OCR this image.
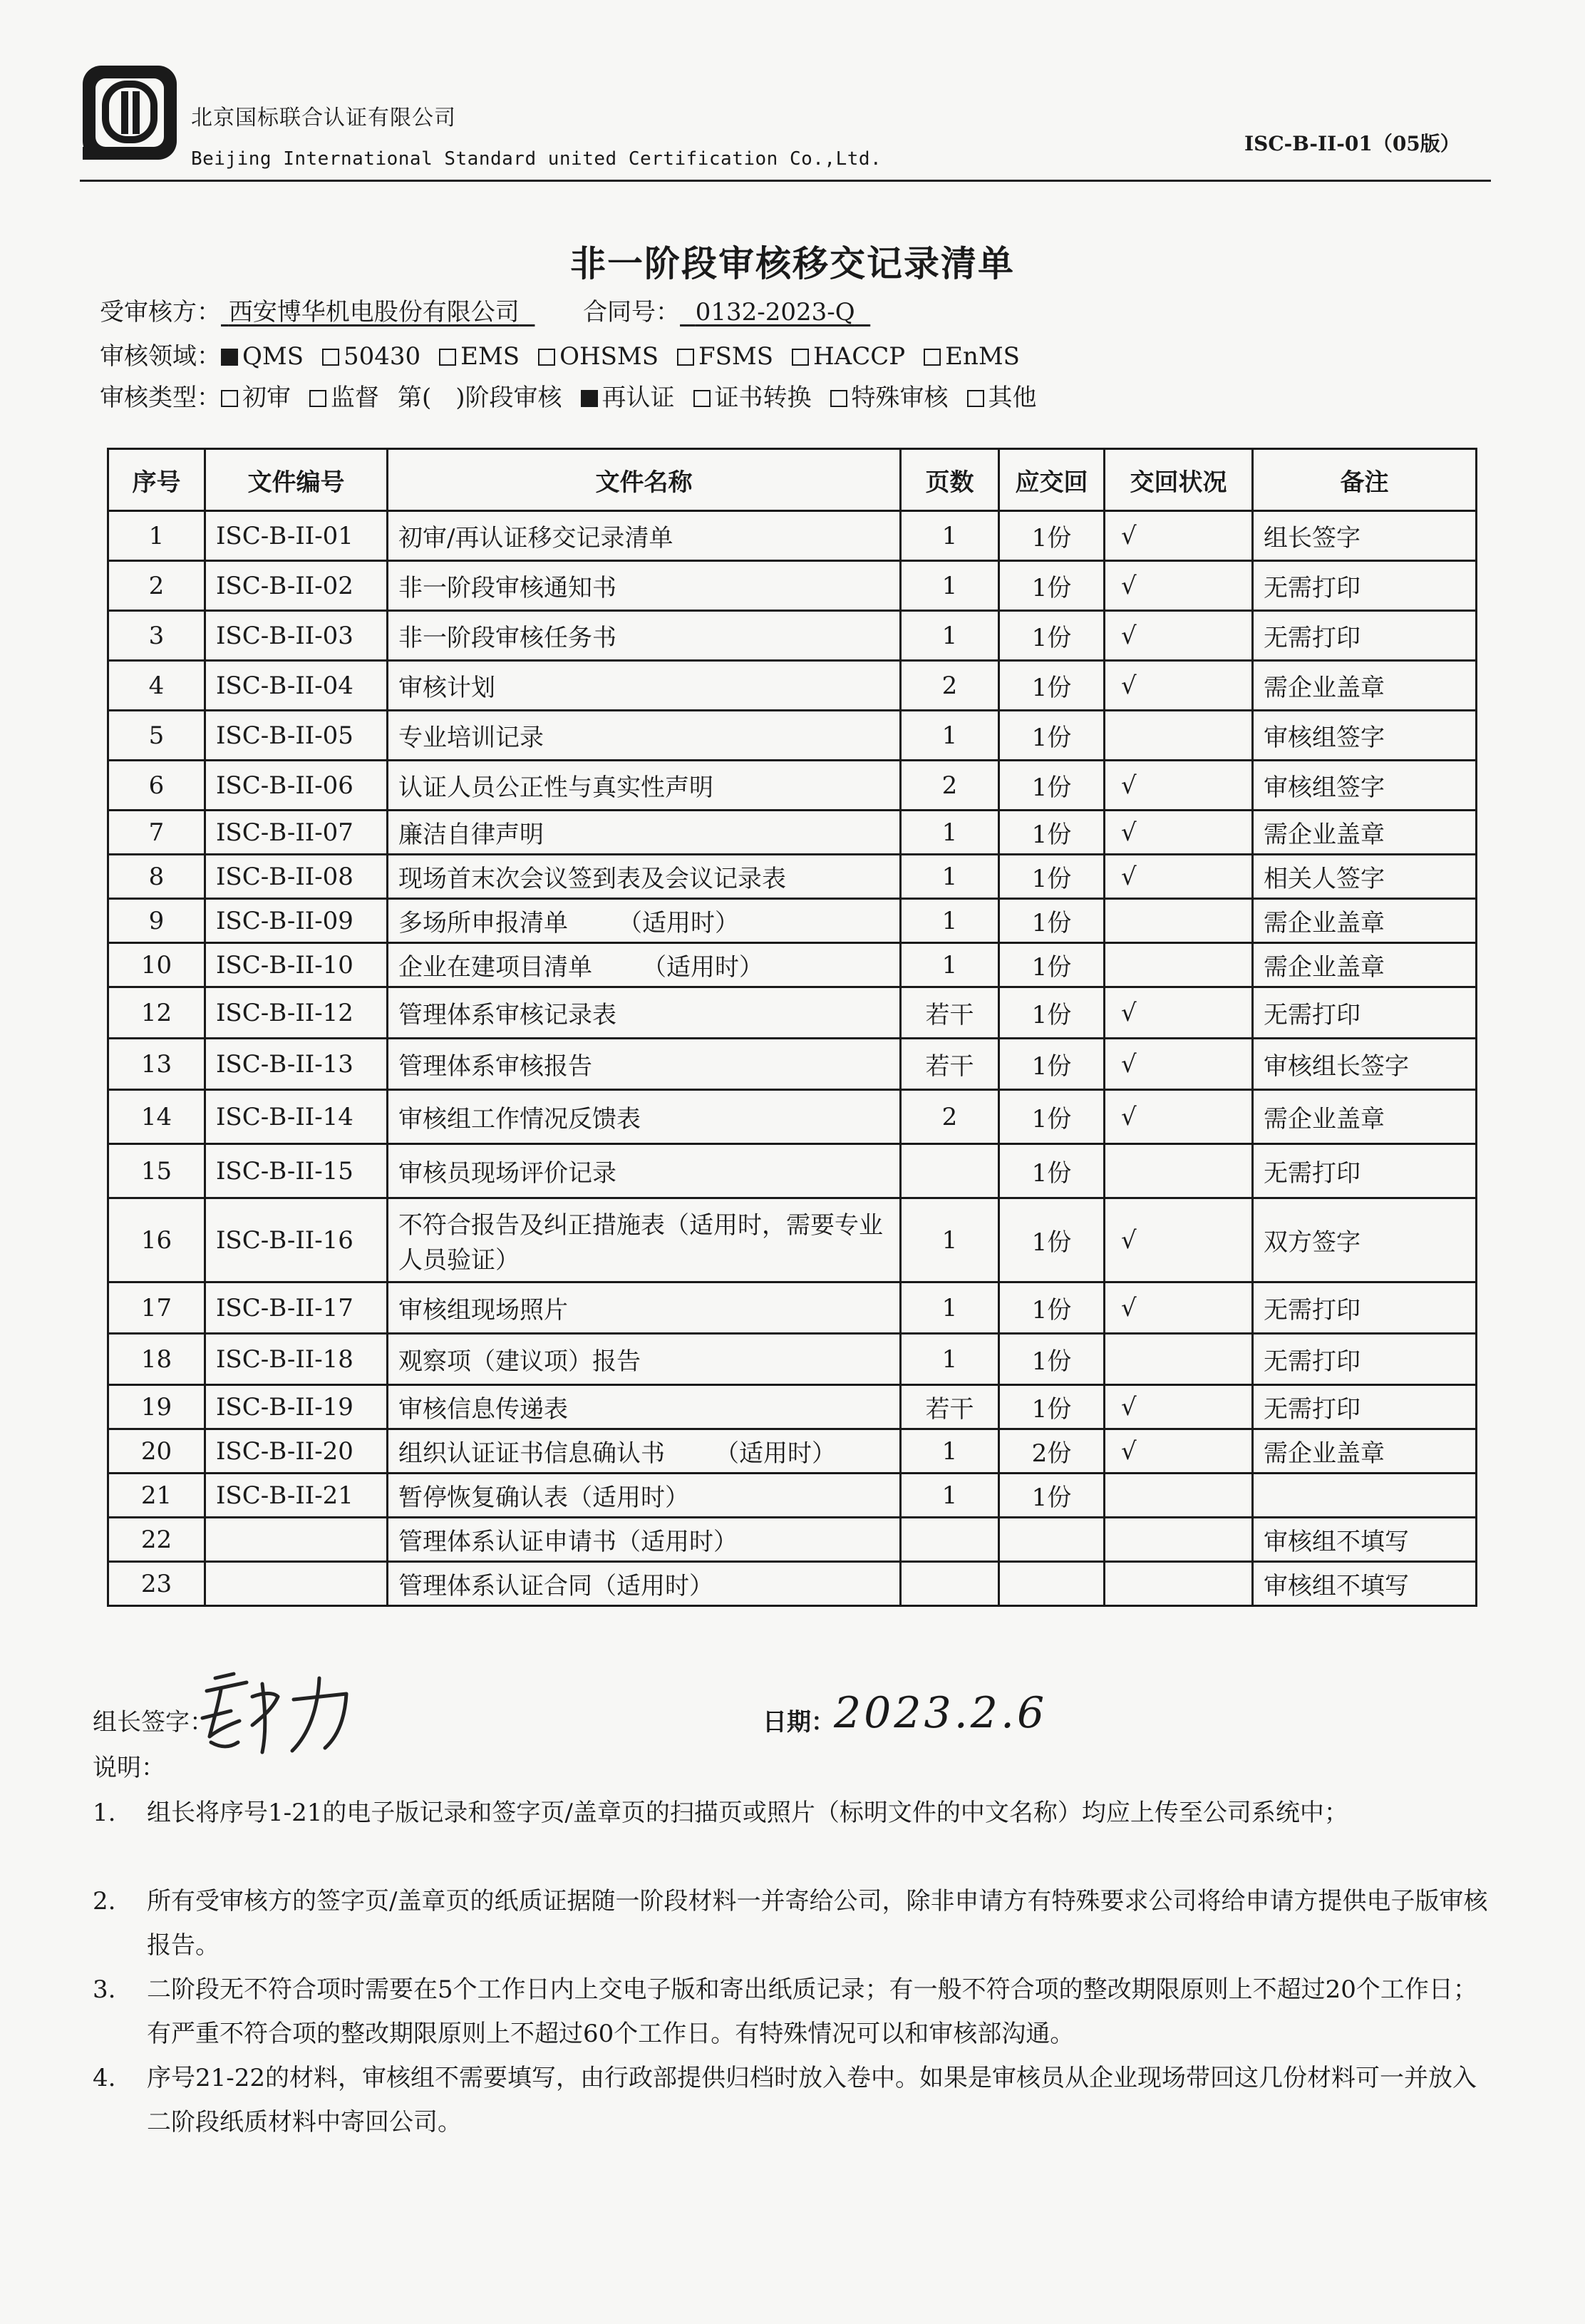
北京国标联合认证有限公司
Beijing International Standard united Certification Co.,Ltd.
ISC-B-II-01（05版）
非一阶段审核移交记录清单
受审核方： 西安博华机电股份有限公司	合同号： 0132-2023-Q
审核领域： QMS 50430 EMS OHSMS FSMS HACCP EnMS
审核类型： 初审 监督 第(　)阶段审核 再认证 证书转换 特殊审核 其他
序号	文件编号	文件名称	页数	应交回	交回状况	备注
1	ISC-B-II-01	初审/再认证移交记录清单	1	1份	√	组长签字
2	ISC-B-II-02	非一阶段审核通知书	1	1份	√	无需打印
3	ISC-B-II-03	非一阶段审核任务书	1	1份	√	无需打印
4	ISC-B-II-04	审核计划	2	1份	√	需企业盖章
5	ISC-B-II-05	专业培训记录	1	1份		审核组签字
6	ISC-B-II-06	认证人员公正性与真实性声明	2	1份	√	审核组签字
7	ISC-B-II-07	廉洁自律声明	1	1份	√	需企业盖章
8	ISC-B-II-08	现场首末次会议签到表及会议记录表	1	1份	√	相关人签字
9	ISC-B-II-09	多场所申报清单 （适用时）	1	1份		需企业盖章
10	ISC-B-II-10	企业在建项目清单 （适用时）	1	1份		需企业盖章
12	ISC-B-II-12	管理体系审核记录表	若干	1份	√	无需打印
13	ISC-B-II-13	管理体系审核报告	若干	1份	√	审核组长签字
14	ISC-B-II-14	审核组工作情况反馈表	2	1份	√	需企业盖章
15	ISC-B-II-15	审核员现场评价记录		1份		无需打印
16	ISC-B-II-16	不符合报告及纠正措施表（适用时，需要专业人员验证）	1	1份	√	双方签字
17	ISC-B-II-17	审核组现场照片	1	1份	√	无需打印
18	ISC-B-II-18	观察项（建议项）报告	1	1份		无需打印
19	ISC-B-II-19	审核信息传递表	若干	1份	√	无需打印
20	ISC-B-II-20	组织认证证书信息确认书 （适用时）	1	2份	√	需企业盖章
21	ISC-B-II-21	暂停恢复确认表（适用时）	1	1份		
22		管理体系认证申请书（适用时）				审核组不填写
23		管理体系认证合同（适用时）				审核组不填写
组长签字：	日期：
2023.2.6
说明：
1.	组长将序号1-21的电子版记录和签字页/盖章页的扫描页或照片（标明文件的中文名称）均应上传至公司系统中；
2.	所有受审核方的签字页/盖章页的纸质证据随一阶段材料一并寄给公司，除非申请方有特殊要求公司将给申请方提供电子版审核报告。
3.	二阶段无不符合项时需要在5个工作日内上交电子版和寄出纸质记录；有一般不符合项的整改期限原则上不超过20个工作日；有严重不符合项的整改期限原则上不超过60个工作日。有特殊情况可以和审核部沟通。
4.	序号21-22的材料，审核组不需要填写，由行政部提供归档时放入卷中。如果是审核员从企业现场带回这几份材料可一并放入二阶段纸质材料中寄回公司。
